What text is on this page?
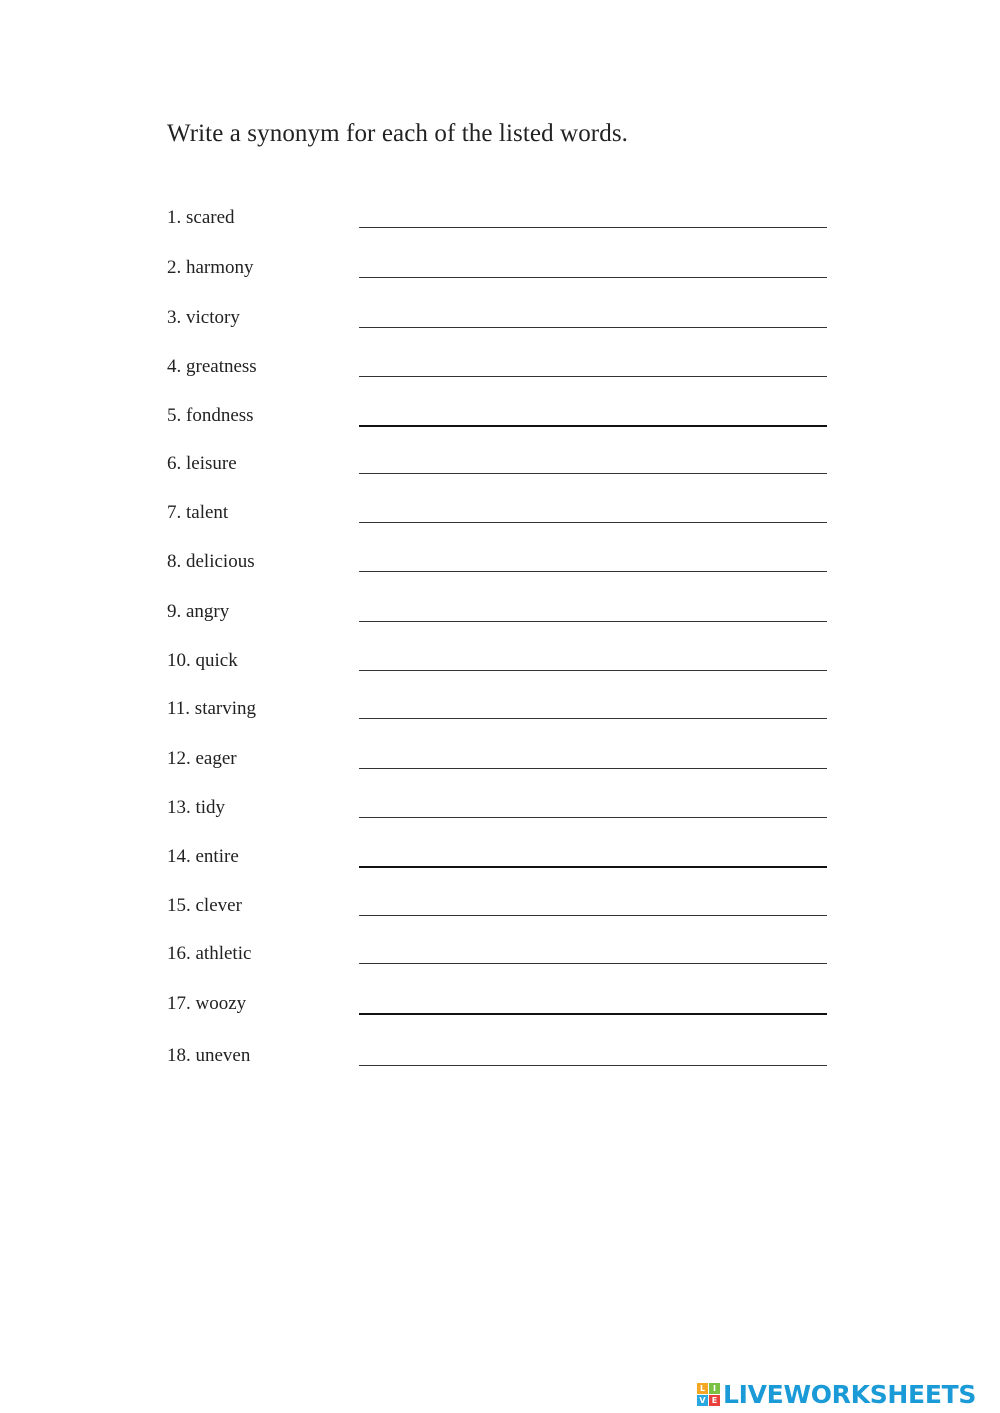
Write a synonym for each of the listed words.
1. scared
2. harmony
3. victory
4. greatness
5. fondness
6. leisure
7. talent
8. delicious
9. angry
10. quick
11. starving
12. eager
13. tidy
14. entire
15. clever
16. athletic
17. woozy
18. uneven
L I
V E LIVEWORKSHEETS
